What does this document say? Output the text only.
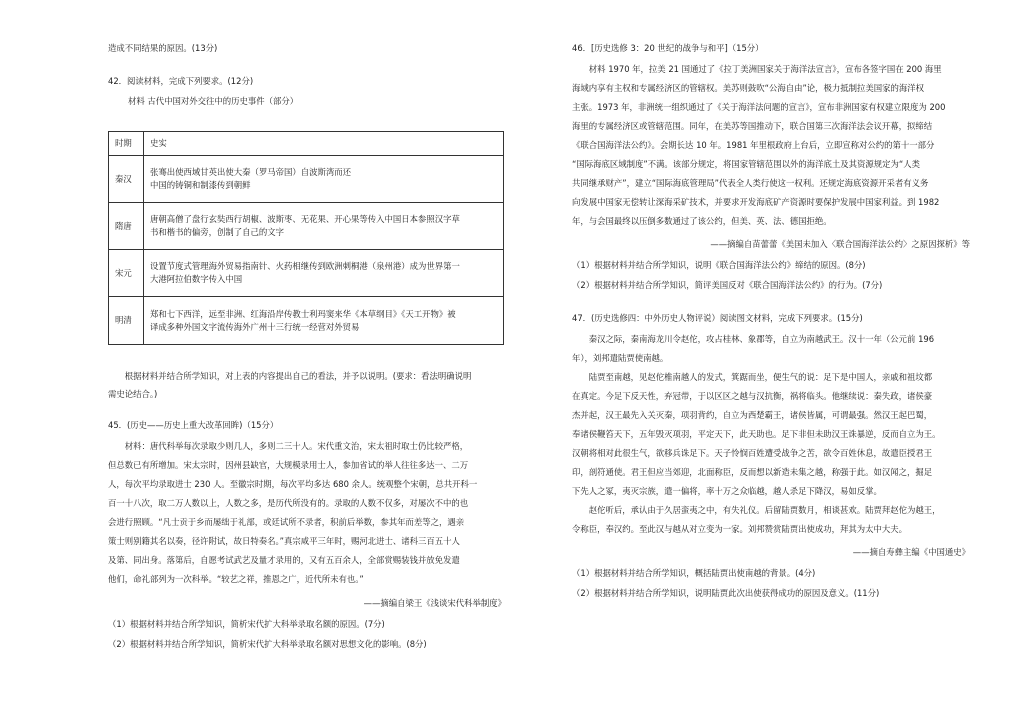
造成不同结果的原因。(13分)

42．阅读材料，完成下列要求。(12分)

材料 古代中国对外交往中的历史事件（部分）

时期	史实
秦汉	张骞出使西域甘英出使大秦（罗马帝国）自波斯湾而还
中国的铸铜和制漆传到朝鲜

隋唐	唐朝高僧了盘行玄奘西行胡椒、波斯枣、无花果、开心果等传入中国日本参照汉字草
书和楷书的偏旁，创制了自己的文字

宋元	设置节度式管理海外贸易指南针、火药相继传到欧洲刺桐港（泉州港）成为世界第一
大港阿拉伯数字传入中国

明清	郑和七下西洋，远至非洲、红海沿岸传教士利玛窦来华《本草纲目》《天工开物》被
译成多种外国文字流传海外广州十三行统一经营对外贸易

根据材料并结合所学知识，对上表的内容提出自己的看法，并予以说明。(要求：看法明确说明

需史论结合。)

45．(历史——历史上重大改革回眸)（15分）

材料：唐代科举每次录取少则几人，多则二三十人。宋代重文治，宋太祖时取士仍比较严格，

但总数已有所增加。宋太宗时，因州县缺官，大规模录用士人，参加省试的举人往往多达一、二万

人，每次平均录取进士 230 人。至徽宗时期，每次平均多达 680 余人。统观整个宋朝，总共开科一

百一十八次，取二万人数以上，人数之多，是历代所没有的。录取的人数不仅多，对屡次不中的也

会进行照顾。“凡士贡于乡而屡绌于礼部，或廷试所不录者，积前后举数，参其年而差等之，遇亲

策士则别籍其名以奏，径许附试，故日特奏名。”真宗咸平三年时，赐河北进士、诸科三百五十人

及第、同出身。落第后，自愿考试武艺及量才录用的，又有五百余人，全部赏赐装钱并放免发遣

他们，命礼部列为一次科举。“较艺之祥，推恩之广，近代所未有也。”

——摘编自梁王《浅谈宋代科举制度》

（1）根据材料并结合所学知识，简析宋代扩大科举录取名额的原因。(7分)

（2）根据材料并结合所学知识，简析宋代扩大科举录取名额对思想文化的影响。(8分)

46．[历史选修 3：20 世纪的战争与和平]（15分）

材料 1970 年，拉美 21 国通过了《拉丁美洲国家关于海洋法宣言》，宣布各签字国在 200 海里

海域内享有主权和专属经济区的管辖权。美苏则鼓吹“公海自由”论，极力抵制拉美国家的海洋权

主张。1973 年，非洲统一组织通过了《关于海洋法问题的宣言》，宣布非洲国家有权建立限度为 200

海里的专属经济区或管辖范围。同年，在美苏等国推动下，联合国第三次海洋法会议开幕，拟缔结

《联合国海洋法公约》。会期长达 10 年。1981 年里根政府上台后，立即宣称对公约的第十一部分

“国际海底区域制度”不满。该部分规定，将国家管辖范围以外的海洋底土及其资源规定为“人类

共同继承财产”，建立“国际海底管理局”代表全人类行使这一权利。还规定海底资源开采者有义务

向发展中国家无偿转让深海采矿技术，并要求开发海底矿产资源时要保护发展中国家利益。到 1982

年，与会国最终以压倒多数通过了该公约，但美、英、法、德国拒绝。

——摘编自苗蕾蕾《美国未加入〈联合国海洋法公约〉之原因探析》等

（1）根据材料并结合所学知识，说明《联合国海洋法公约》缔结的原因。(8分)

（2）根据材料并结合所学知识，简评美国反对《联合国海洋法公约》的行为。(7分)

47．(历史选修四：中外历史人物评说）阅读图文材料，完成下列要求。(15分)

秦汉之际，秦南海龙川令赵佗，攻占桂林、象郡等，自立为南越武王。汉十一年（公元前 196

年），刘邦遣陆贾使南越。

陆贾至南越，见赵佗椎南越人的发式，箕踞而坐，便生气的说：足下是中国人，亲戚和祖坟都

在真定。今足下反天性，弃冠带，于以区区之越与汉抗衡，祸将临头。他继续说：秦失政，诸侯豪

杰并起，汉王最先入关灭秦，项羽背约，自立为西楚霸王，诸侯皆属，可谓最强。然汉王起巴蜀，

奉诸侯鞭笞天下，五年毁灭项羽，平定天下，此天助也。足下非但未助汉王诛暴逆，反而自立为王。

汉朝将相对此很生气，欲移兵诛足下。天子怜悯百姓遭受战争之苦，欲令百姓休息，故遣臣授君王

印，剖符通使。君王但应当郊迎，北面称臣，反而想以新造未集之越，称强于此。如汉闻之，掘足

下先人之冢，夷灭宗族，遣一偏将，率十万之众临越，越人杀足下降汉，易如反掌。

赵佗听后，承认由于久居蛮夷之中，有失礼仪。后留陆贾数月，相谈甚欢。陆贾拜赵佗为越王，

令称臣，奉汉约。至此汉与越从对立变为一家。刘邦赞赏陆贾出使成功，拜其为太中大夫。

——摘自寿彝主编《中国通史》

（1）根据材料并结合所学知识，概括陆贾出使南越的背景。(4分)

（2）根据材料并结合所学知识，说明陆贾此次出使获得成功的原因及意义。(11分)
